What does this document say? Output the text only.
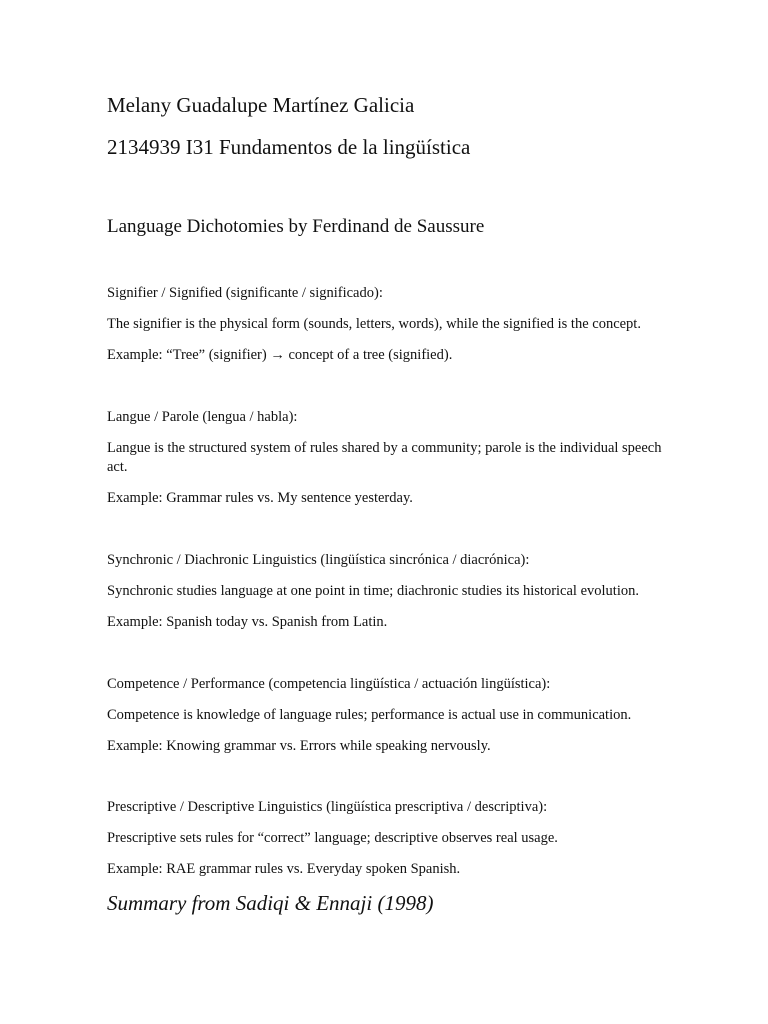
Melany Guadalupe Martínez Galicia

2134939 I31 Fundamentos de la lingüística

Language Dichotomies by Ferdinand de Saussure

Signifier / Signified (significante / significado):

The signifier is the physical form (sounds, letters, words), while the signified is the concept.

Example: “Tree” (signifier) → concept of a tree (signified).

Langue / Parole (lengua / habla):

Langue is the structured system of rules shared by a community; parole is the individual speech act.

Example: Grammar rules vs. My sentence yesterday.

Synchronic / Diachronic Linguistics (lingüística sincrónica / diacrónica):

Synchronic studies language at one point in time; diachronic studies its historical evolution.

Example: Spanish today vs. Spanish from Latin.

Competence / Performance (competencia lingüística / actuación lingüística):

Competence is knowledge of language rules; performance is actual use in communication.

Example: Knowing grammar vs. Errors while speaking nervously.

Prescriptive / Descriptive Linguistics (lingüística prescriptiva / descriptiva):

Prescriptive sets rules for “correct” language; descriptive observes real usage.

Example: RAE grammar rules vs. Everyday spoken Spanish.

Summary from Sadiqi & Ennaji (1998)
